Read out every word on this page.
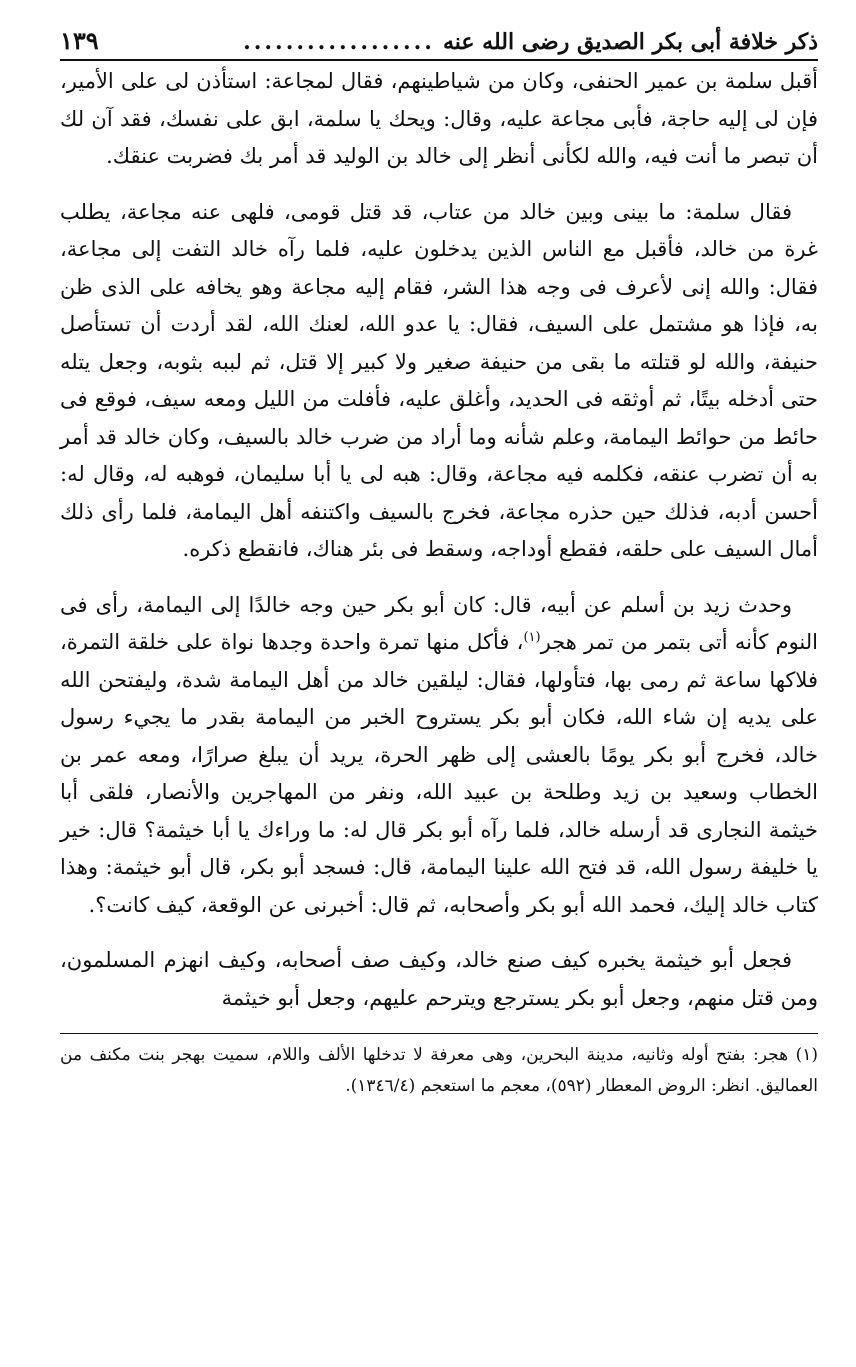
ذكر خلافة أبى بكر الصديق رضى الله عنه
..................
١٣٩

أقبل سلمة بن عمير الحنفى، وكان من شياطينهم، فقال لمجاعة: استأذن لى على الأمير، فإن لى إليه حاجة، فأبى مجاعة عليه، وقال: ويحك يا سلمة، ابق على نفسك، فقد آن لك أن تبصر ما أنت فيه، والله لكأنى أنظر إلى خالد بن الوليد قد أمر بك فضربت عنقك.

فقال سلمة: ما بينى وبين خالد من عتاب، قد قتل قومى، فلهى عنه مجاعة، يطلب غرة من خالد، فأقبل مع الناس الذين يدخلون عليه، فلما رآه خالد التفت إلى مجاعة، فقال: والله إنى لأعرف فى وجه هذا الشر، فقام إليه مجاعة وهو يخافه على الذى ظن به، فإذا هو مشتمل على السيف، فقال: يا عدو الله، لعنك الله، لقد أردت أن تستأصل حنيفة، والله لو قتلته ما بقى من حنيفة صغير ولا كبير إلا قتل، ثم لببه بثوبه، وجعل يتله حتى أدخله بيتًا، ثم أوثقه فى الحديد، وأغلق عليه، فأفلت من الليل ومعه سيف، فوقع فى حائط من حوائط اليمامة، وعلم شأنه وما أراد من ضرب خالد بالسيف، وكان خالد قد أمر به أن تضرب عنقه، فكلمه فيه مجاعة، وقال: هبه لى يا أبا سليمان، فوهبه له، وقال له: أحسن أدبه، فذلك حين حذره مجاعة، فخرج بالسيف واكتنفه أهل اليمامة، فلما رأى ذلك أمال السيف على حلقه، فقطع أوداجه، وسقط فى بئر هناك، فانقطع ذكره.

وحدث زيد بن أسلم عن أبيه، قال: كان أبو بكر حين وجه خالدًا إلى اليمامة، رأى فى النوم كأنه أتى بتمر من تمر هجر$^{(١)}$، فأكل منها تمرة واحدة وجدها نواة على خلقة التمرة، فلاكها ساعة ثم رمى بها، فتأولها، فقال: ليلقين خالد من أهل اليمامة شدة، وليفتحن الله على يديه إن شاء الله، فكان أبو بكر يستروح الخبر من اليمامة بقدر ما يجيء رسول خالد، فخرج أبو بكر يومًا بالعشى إلى ظهر الحرة، يريد أن يبلغ صرارًا، ومعه عمر بن الخطاب وسعيد بن زيد وطلحة بن عبيد الله، ونفر من المهاجرين والأنصار، فلقى أبا خيثمة النجارى قد أرسله خالد، فلما رآه أبو بكر قال له: ما وراءك يا أبا خيثمة؟ قال: خير يا خليفة رسول الله، قد فتح الله علينا اليمامة، قال: فسجد أبو بكر، قال أبو خيثمة: وهذا كتاب خالد إليك، فحمد الله أبو بكر وأصحابه، ثم قال: أخبرنى عن الوقعة، كيف كانت؟.

فجعل أبو خيثمة يخبره كيف صنع خالد، وكيف صف أصحابه، وكيف انهزم المسلمون، ومن قتل منهم، وجعل أبو بكر يسترجع ويترحم عليهم، وجعل أبو خيثمة

(١) هجر: بفتح أوله وثانيه، مدينة البحرين، وهى معرفة لا تدخلها الألف واللام، سميت بهجر بنت مكنف من العماليق. انظر: الروض المعطار (٥٩٢)، معجم ما استعجم (١٣٤٦/٤).
